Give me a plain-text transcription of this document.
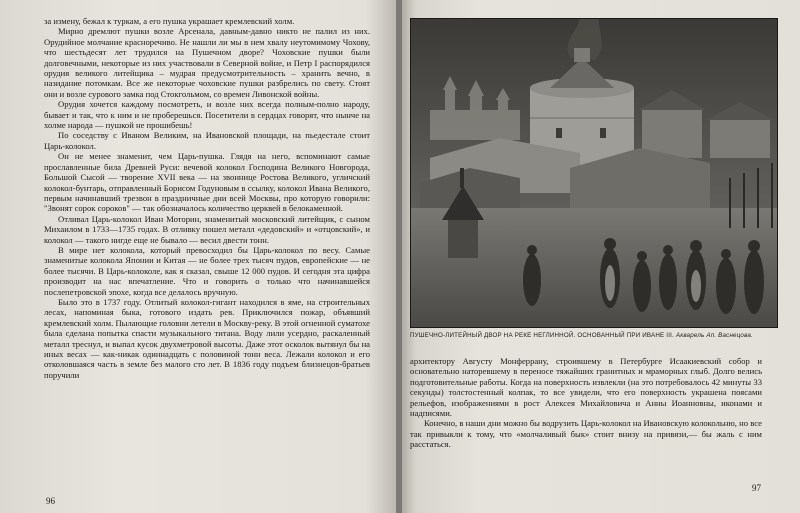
за измену, бежал к туркам, а его пушка украшает кремлевский холм.

Мирно дремлют пушки возле Арсенала, давным-давно никто не палил из них. Орудийное молчание красноречиво. Не нашли ли мы в нем хвалу неутомимому Чохову, что шестьдесят лет трудился на Пушечном дворе? Чоховские пушки были долговечными, некоторые из них участвовали в Северной войне, и Петр I распорядился орудия великого литейщика – мудрая предусмотрительность – хранить вечно, в назидание потомкам. Все же некоторые чоховские пушки разбрелись по свету. Стоят они и возле сурового замка под Стокгольмом, со времен Ливонской войны.

Орудия хочется каждому посмотреть, и возле них всегда полным-полно народу, бывает и так, что к ним и не проберешься. Посетители в сердцах говорят, что нынче на холме народа — пушкой не прошибешь!

По соседству с Иваном Великим, на Ивановской площади, на пьедестале стоит Царь-колокол.

Он не менее знаменит, чем Царь-пушка. Глядя на него, вспоминают самые прославленные била Древней Руси: вечевой колокол Господина Великого Новгорода, Большой Сысой — творение XVII века — на звоннице Ростова Великого, угличский колокол-бунтарь, отправленный Борисом Годуновым в ссылку, колокол Ивана Великого, первым начинавший трезвон в праздничные дни всей Москвы, про которую говорили: "Звонят сорок сороков" — так обозначалось количество церквей в белокаменной.

Отливал Царь-колокол Иван Моторин, знаменитый московский литейщик, с сыном Михаилом в 1733—1735 годах. В отливку пошел металл «дедовский» и «отцовский», и колокол — такого нигде еще не бывало — весил двести тонн.

В мире нет колокола, который превосходил бы Царь-колокол по весу. Самые знаменитые колокола Японии и Китая — не более трех тысяч пудов, европейские — не более тысячи. В Царь-колоколе, как я сказал, свыше 12 000 пудов. И сегодня эта цифра производит на нас впечатление. Что и говорить о только что начинавшейся послепетровской эпохе, когда все делалось вручную.

Было это в 1737 году. Отлитый колокол-гигант находился в яме, на строительных лесах, напоминая быка, готового издать рев. Приключился пожар, объявший кремлевский холм. Пылающие головни летели в Москву-реку. В этой огненной суматохе была сделана попытка спасти музыкального титана. Воду лили усердно, раскаленный металл треснул, и выпал кусок двухметровой высоты. Даже этот осколок вытянул бы на иных весах — как-никак одиннадцать с половиной тонн веса. Лежали колокол и его отколовшаяся часть в земле без малого сто лет. В 1836 году подъем близнецов-братьев поручили

96
ПУШЕЧНО-ЛИТЕЙНЫЙ ДВОР НА РЕКЕ НЕГЛИННОЙ. ОСНОВАННЫЙ ПРИ ИВАНЕ III. Акварель Ап. Васнецова.

архитектору Августу Монферрану, строившему в Петербурге Исаакиевский собор и основательно натоpевшему в переносе тяжайших гранитных и мраморных глыб. Долго велись подготовительные работы. Когда на поверхность извлекли (на это потребовалось 42 минуты 33 секунды) толстостенный колпак, то все увидели, что его поверхность украшена поясами рельефов, изображениями в рост Алексея Михайловича и Анны Иоанновны, иконами и надписями.

Конечно, в наши дни можно бы водрузить Царь-колокол на Ивановскую колокольню, но все так привыкли к тому, что «молчаливый бык» стоит внизу на привязи,— бы жаль с ним расстаться.

97
